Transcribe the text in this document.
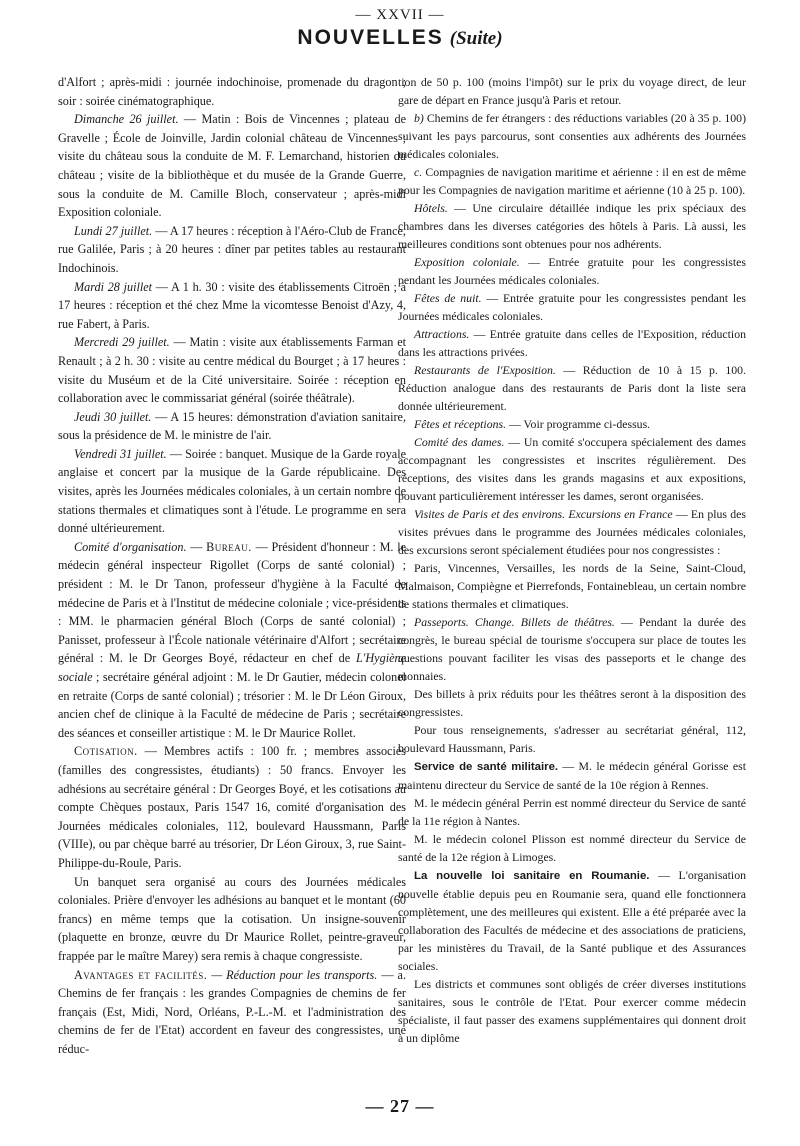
— XXVII —
NOUVELLES (Suite)

d'Alfort ; après-midi : journée indochinoise, promenade du dragon ; soir : soirée cinématographique.

Dimanche 26 juillet. — Matin : Bois de Vincennes ; plateau de Gravelle ; École de Joinville, Jardin colonial château de Vincennes ; visite du château sous la conduite de M. F. Lemarchand, historien du château ; visite de la bibliothèque et du musée de la Grande Guerre, sous la conduite de M. Camille Bloch, conservateur ; après-midi Exposition coloniale.

Lundi 27 juillet. — A 17 heures : réception à l'Aéro-Club de France, rue Galilée, Paris ; à 20 heures : dîner par petites tables au restaurant Indochinois.

Mardi 28 juillet — A 1 h. 30 : visite des établissements Citroën ; à 17 heures : réception et thé chez Mme la vicomtesse Benoist d'Azy, 4, rue Fabert, à Paris.

Mercredi 29 juillet. — Matin : visite aux établissements Farman et Renault ; à 2 h. 30 : visite au centre médical du Bourget ; à 17 heures : visite du Muséum et de la Cité universitaire. Soirée : réception en collaboration avec le commissariat général (soirée théâtrale).

Jeudi 30 juillet. — A 15 heures: démonstration d'aviation sanitaire, sous la présidence de M. le ministre de l'air.

Vendredi 31 juillet. — Soirée : banquet. Musique de la Garde royale anglaise et concert par la musique de la Garde républicaine. Des visites, après les Journées médicales coloniales, à un certain nombre de stations thermales et climatiques sont à l'étude. Le programme en sera donné ultérieurement.

Comité d'organisation. — Bureau. — Président d'honneur : M. le médecin général inspecteur Rigollet (Corps de santé colonial) ; président : M. le Dr Tanon, professeur d'hygiène à la Faculté de médecine de Paris et à l'Institut de médecine coloniale ; vice-présidents : MM. le pharmacien général Bloch (Corps de santé colonial) ; Panisset, professeur à l'École nationale vétérinaire d'Alfort ; secrétaire général : M. le Dr Georges Boyé, rédacteur en chef de L'Hygiène sociale ; secrétaire général adjoint : M. le Dr Gautier, médecin colonel en retraite (Corps de santé colonial) ; trésorier : M. le Dr Léon Giroux, ancien chef de clinique à la Faculté de médecine de Paris ; secrétaire des séances et conseiller artistique : M. le Dr Maurice Rollet.

Cotisation. — Membres actifs : 100 fr. ; membres associés (familles des congressistes, étudiants) : 50 francs. Envoyer les adhésions au secrétaire général : Dr Georges Boyé, et les cotisations au compte Chèques postaux, Paris 1547 16, comité d'organisation des Journées médicales coloniales, 112, boulevard Haussmann, Paris (VIIIe), ou par chèque barré au trésorier, Dr Léon Giroux, 3, rue Saint-Philippe-du-Roule, Paris.

Un banquet sera organisé au cours des Journées médicales coloniales. Prière d'envoyer les adhésions au banquet et le montant (60 francs) en même temps que la cotisation. Un insigne-souvenir (plaquette en bronze, œuvre du Dr Maurice Rollet, peintre-graveur, frappée par le maître Marey) sera remis à chaque congressiste.

Avantages et facilités. — Réduction pour les transports. — a. Chemins de fer français : les grandes Compagnies de chemins de fer français (Est, Midi, Nord, Orléans, P.-L.-M. et l'administration des chemins de fer de l'Etat) accordent en faveur des congressistes, une réduc-

tion de 50 p. 100 (moins l'impôt) sur le prix du voyage direct, de leur gare de départ en France jusqu'à Paris et retour.

b) Chemins de fer étrangers : des réductions variables (20 à 35 p. 100) suivant les pays parcourus, sont consenties aux adhérents des Journées médicales coloniales.

c. Compagnies de navigation maritime et aérienne : il en est de même pour les Compagnies de navigation maritime et aérienne (10 à 25 p. 100).

Hôtels. — Une circulaire détaillée indique les prix spéciaux des chambres dans les diverses catégories des hôtels à Paris. Là aussi, les meilleures conditions sont obtenues pour nos adhérents.

Exposition coloniale. — Entrée gratuite pour les congressistes pendant les Journées médicales coloniales.

Fêtes de nuit. — Entrée gratuite pour les congressistes pendant les Journées médicales coloniales.

Attractions. — Entrée gratuite dans celles de l'Exposition, réduction dans les attractions privées.

Restaurants de l'Exposition. — Réduction de 10 à 15 p. 100. Réduction analogue dans des restaurants de Paris dont la liste sera donnée ultérieurement.

Fêtes et réceptions. — Voir programme ci-dessus.

Comité des dames. — Un comité s'occupera spécialement des dames accompagnant les congressistes et inscrites régulièrement. Des réceptions, des visites dans les grands magasins et aux expositions, pouvant particulièrement intéresser les dames, seront organisées.

Visites de Paris et des environs. Excursions en France — En plus des visites prévues dans le programme des Journées médicales coloniales, des excursions seront spécialement étudiées pour nos congressistes :

Paris, Vincennes, Versailles, les nords de la Seine, Saint-Cloud, Malmaison, Compiègne et Pierrefonds, Fontainebleau, un certain nombre de stations thermales et climatiques.

Passeports. Change. Billets de théâtres. — Pendant la durée des congrès, le bureau spécial de tourisme s'occupera sur place de toutes les questions pouvant faciliter les visas des passeports et le change des monnaies.

Des billets à prix réduits pour les théâtres seront à la disposition des congressistes.

Pour tous renseignements, s'adresser au secrétariat général, 112, boulevard Haussmann, Paris.

Service de santé militaire. — M. le médecin général Gorisse est maintenu directeur du Service de santé de la 10e région à Rennes.

M. le médecin général Perrin est nommé directeur du Service de santé de la 11e région à Nantes.

M. le médecin colonel Plisson est nommé directeur du Service de santé de la 12e région à Limoges.

La nouvelle loi sanitaire en Roumanie. — L'organisation nouvelle établie depuis peu en Roumanie sera, quand elle fonctionnera complètement, une des meilleures qui existent. Elle a été préparée avec la collaboration des Facultés de médecine et des associations de praticiens, par les ministères du Travail, de la Santé publique et des Assurances sociales.

Les districts et communes sont obligés de créer diverses institutions sanitaires, sous le contrôle de l'Etat. Pour exercer comme médecin spécialiste, il faut passer des examens supplémentaires qui donnent droit à un diplôme

— 27 —
